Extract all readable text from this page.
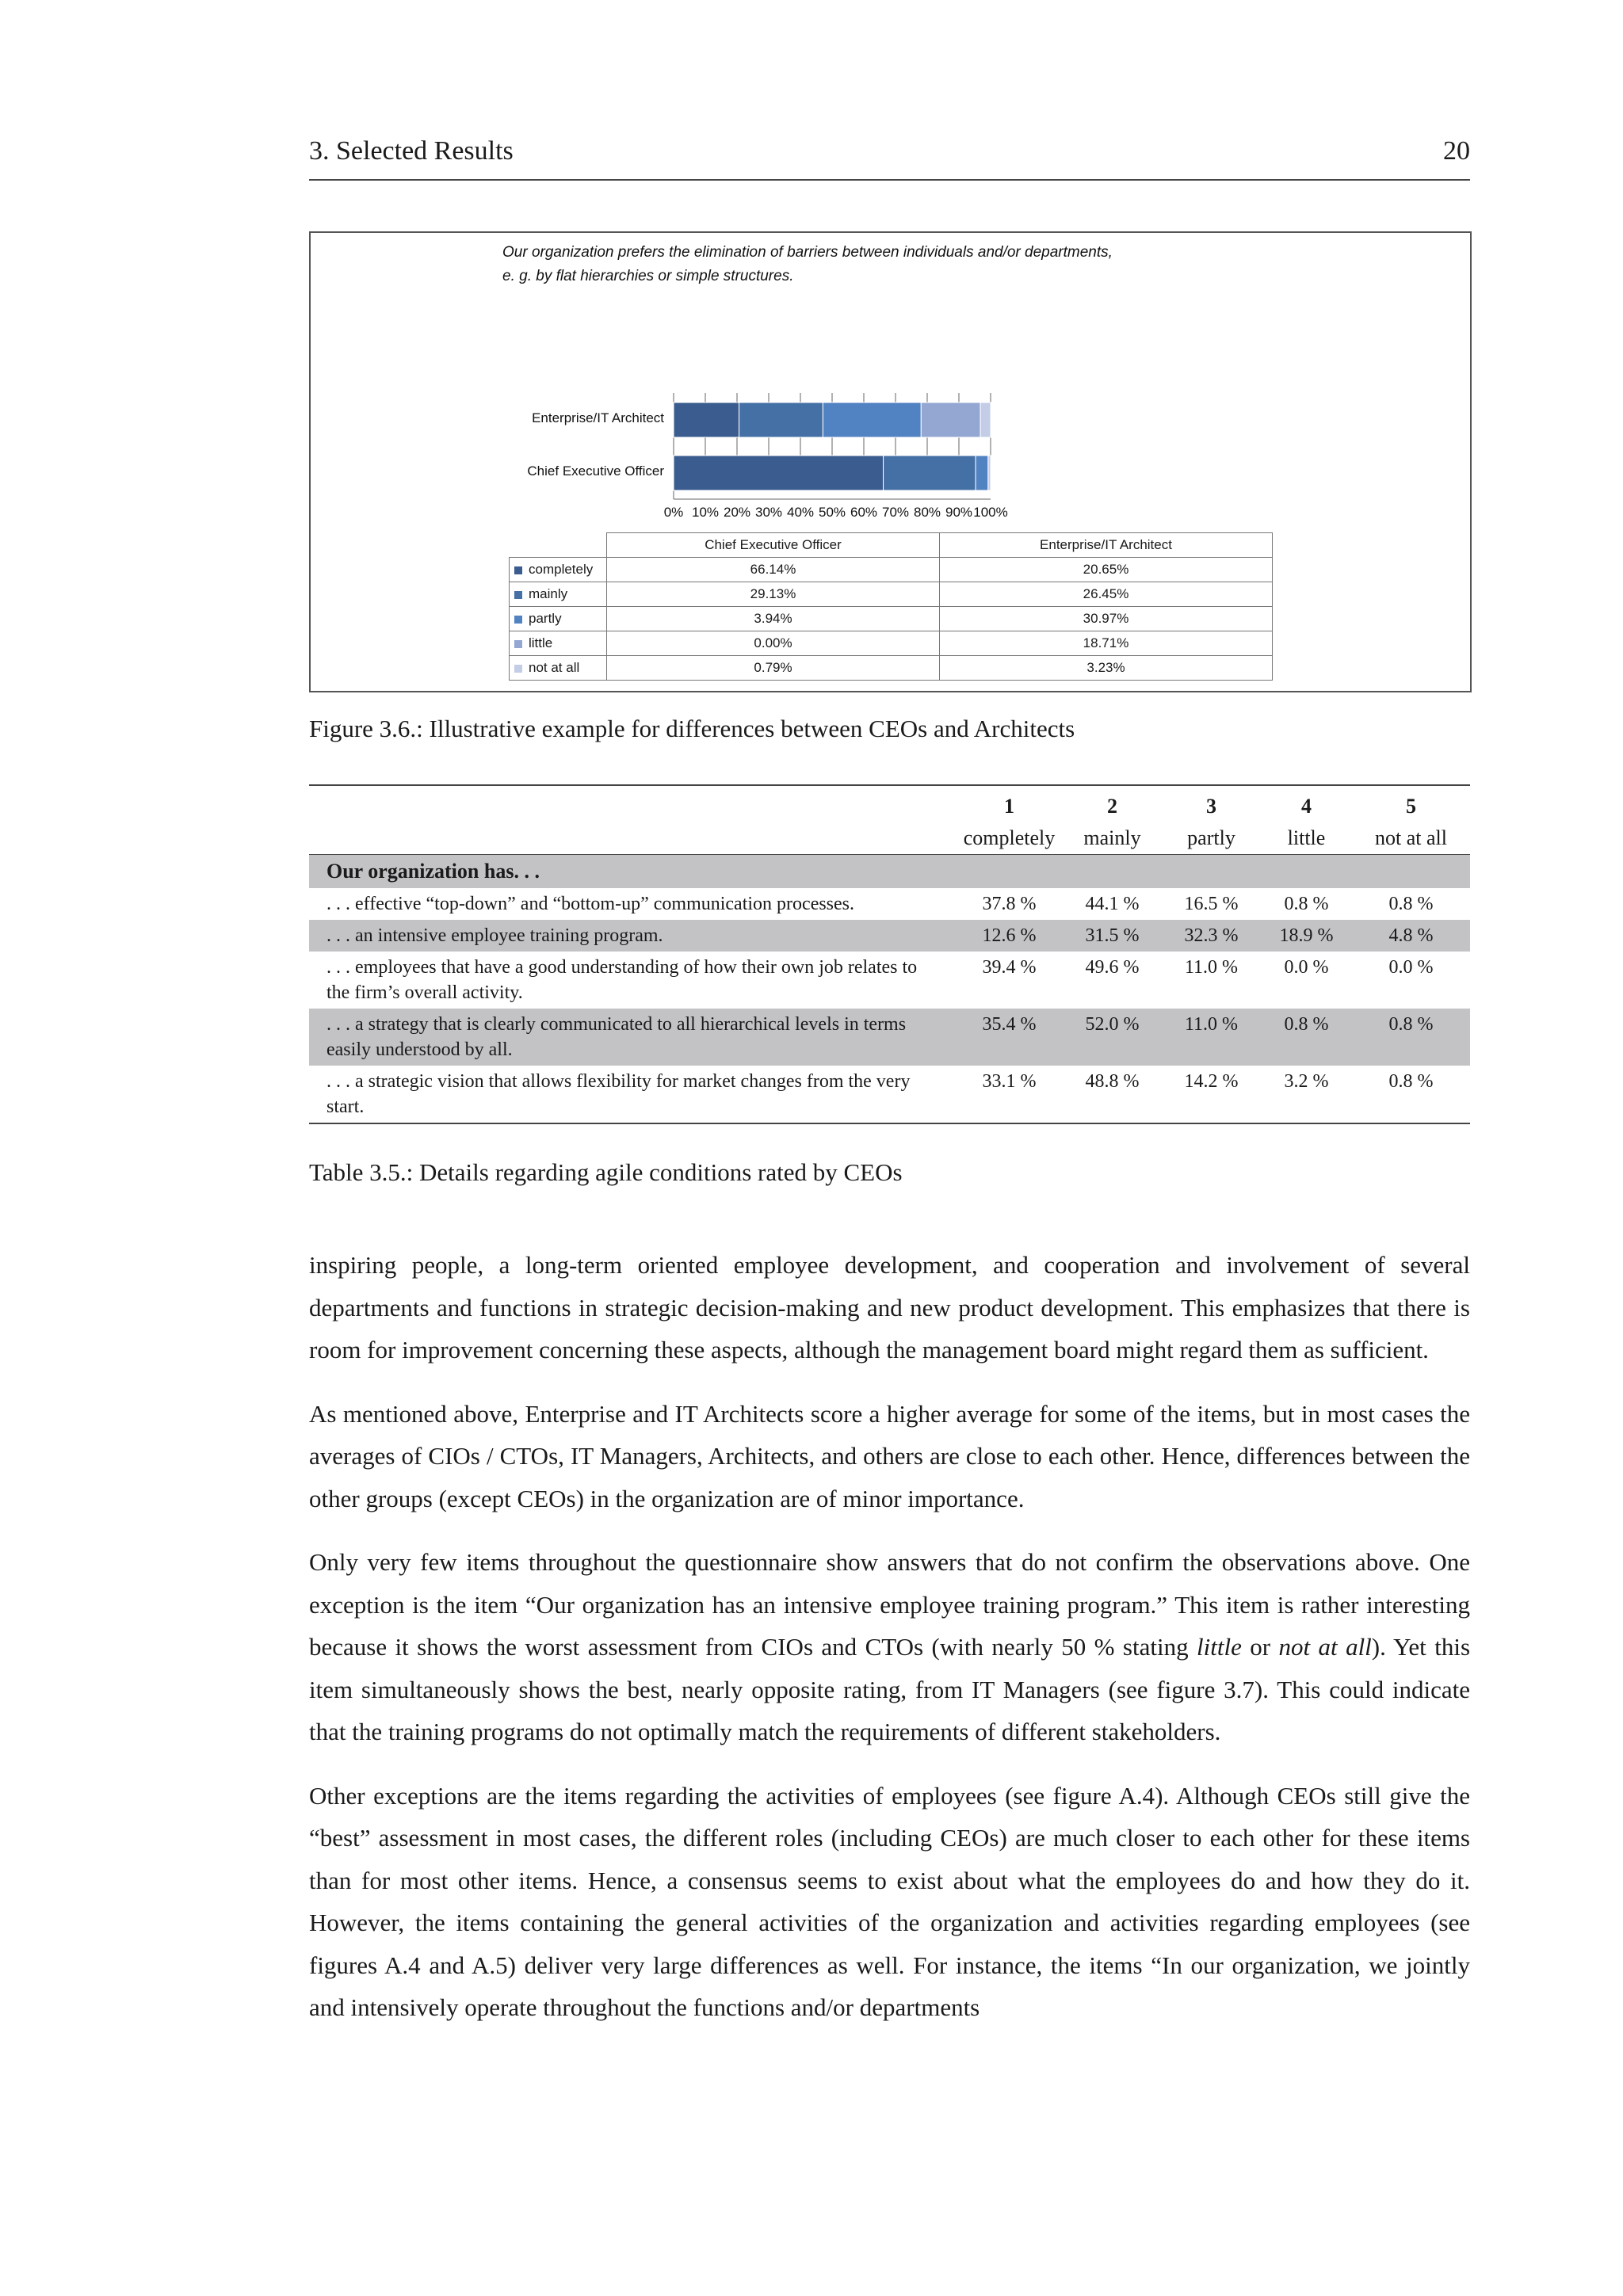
3. Selected Results	20
Our organization prefers the elimination of barriers between individuals and/or departments,
e. g. by flat hierarchies or simple structures.
Enterprise/IT Architect
Chief Executive Officer
0% 10% 20% 30% 40% 50% 60% 70% 80% 90% 100%
	Chief Executive Officer	Enterprise/IT Architect
completely	66.14%	20.65%
mainly	29.13%	26.45%
partly	3.94%	30.97%
little	0.00%	18.71%
not at all	0.79%	3.23%
Figure 3.6.: Illustrative example for differences between CEOs and Architects
	1	2	3	4	5
	completely	mainly	partly	little	not at all
Our organization has. . .					
. . . effective “top-down” and “bottom-up” communication processes.	37.8 %	44.1 %	16.5 %	0.8 %	0.8 %
. . . an intensive employee training program.	12.6 %	31.5 %	32.3 %	18.9 %	4.8 %
. . . employees that have a good understanding of how their own job relates to the firm’s overall activity.	39.4 %	49.6 %	11.0 %	0.0 %	0.0 %
. . . a strategy that is clearly communicated to all hierarchical levels in terms easily understood by all.	35.4 %	52.0 %	11.0 %	0.8 %	0.8 %
. . . a strategic vision that allows flexibility for market changes from the very start.	33.1 %	48.8 %	14.2 %	3.2 %	0.8 %
Table 3.5.: Details regarding agile conditions rated by CEOs

inspiring people, a long-term oriented employee development, and cooperation and involvement of several departments and functions in strategic decision-making and new product development. This emphasizes that there is room for improvement concerning these aspects, although the management board might regard them as sufficient.

As mentioned above, Enterprise and IT Architects score a higher average for some of the items, but in most cases the averages of CIOs / CTOs, IT Managers, Architects, and others are close to each other. Hence, differences between the other groups (except CEOs) in the organization are of minor importance.

Only very few items throughout the questionnaire show answers that do not confirm the observations above. One exception is the item “Our organization has an intensive employee training program.” This item is rather interesting because it shows the worst assessment from CIOs and CTOs (with nearly 50 % stating little or not at all). Yet this item simultaneously shows the best, nearly opposite rating, from IT Managers (see figure 3.7). This could indicate that the training programs do not optimally match the requirements of different stakeholders.

Other exceptions are the items regarding the activities of employees (see figure A.4). Although CEOs still give the “best” assessment in most cases, the different roles (including CEOs) are much closer to each other for these items than for most other items. Hence, a consensus seems to exist about what the employees do and how they do it. However, the items containing the general activities of the organization and activities regarding employees (see figures A.4 and A.5) deliver very large differences as well. For instance, the items “In our organization, we jointly and intensively operate throughout the functions and/or departments
